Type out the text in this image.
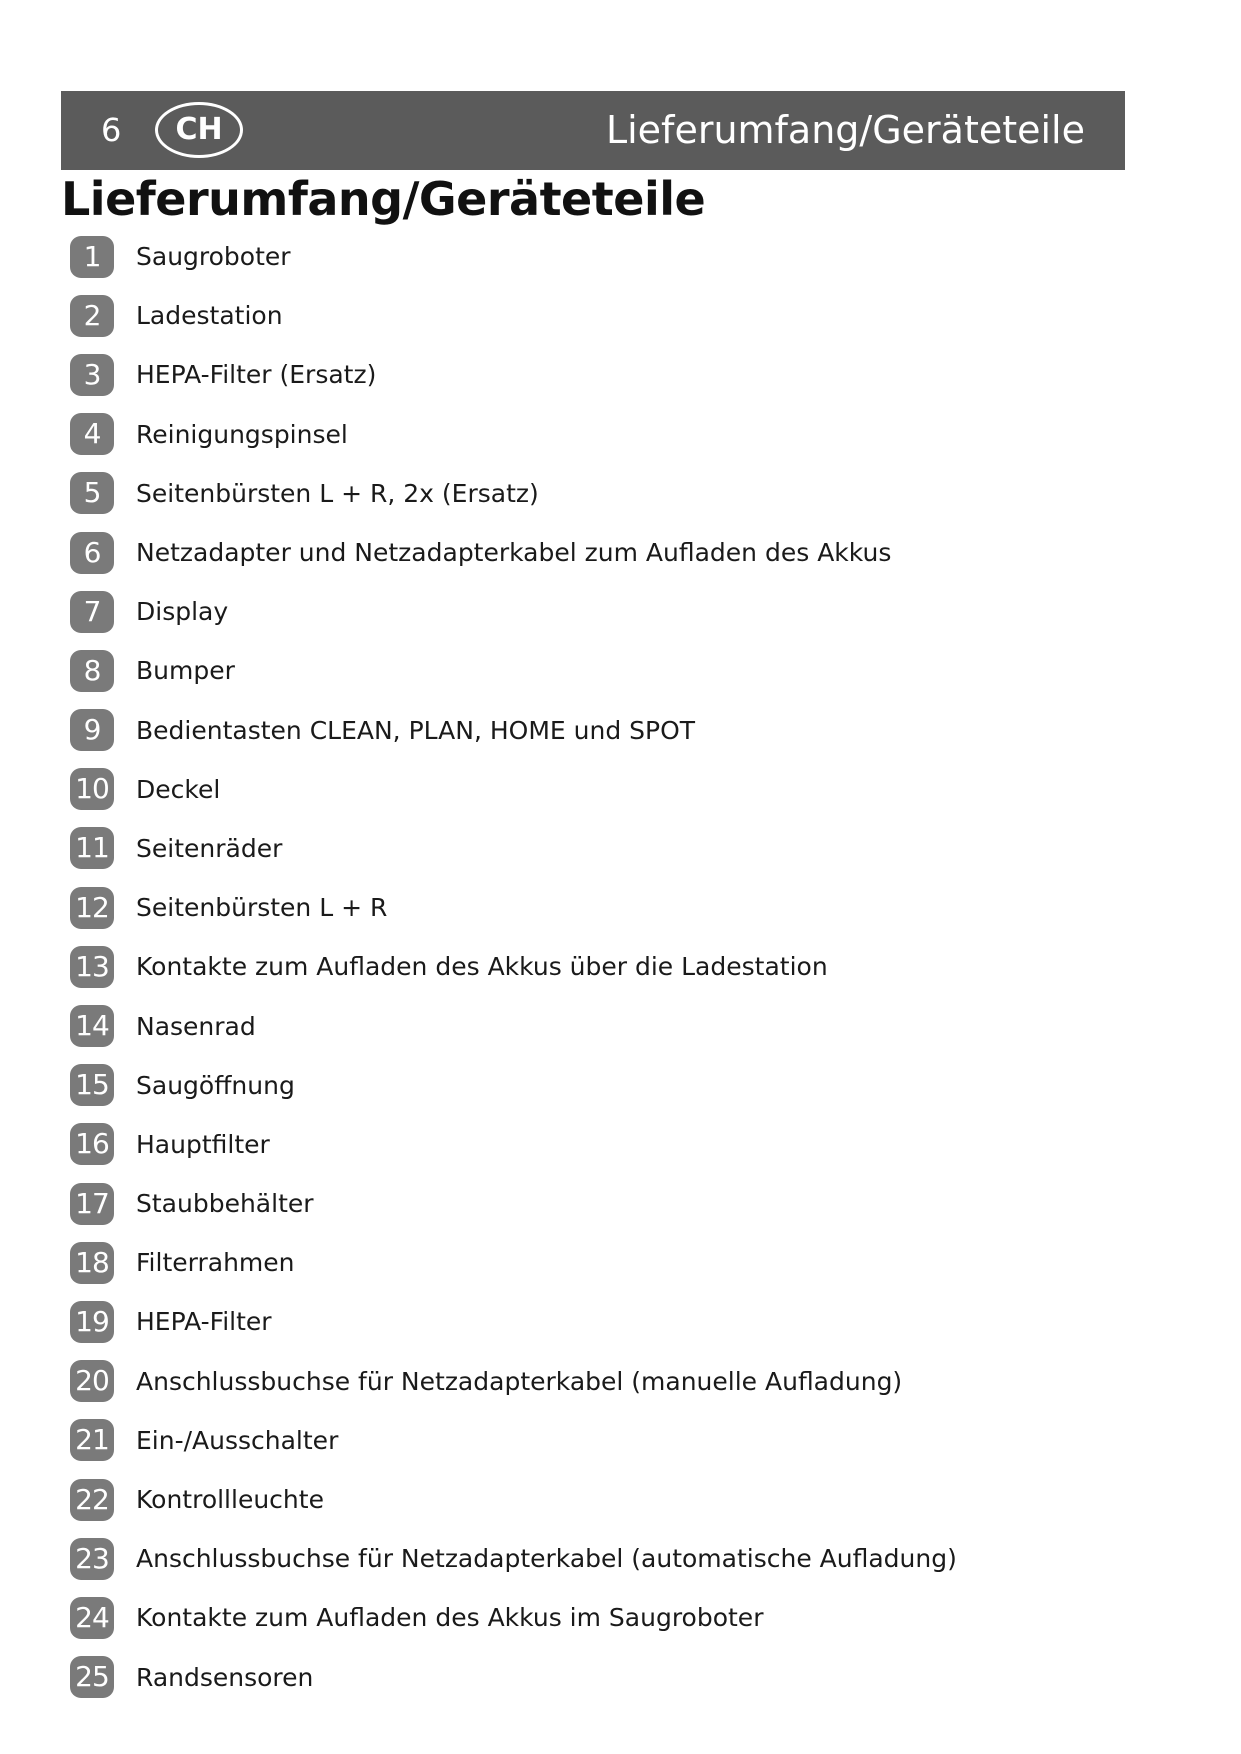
6	CH	Lieferumfang/Geräteteile
Lieferumfang/Geräteteile
1	Saugroboter
2	Ladestation
3	HEPA-Filter (Ersatz)
4	Reinigungspinsel
5	Seitenbürsten L + R, 2x (Ersatz)
6	Netzadapter und Netzadapterkabel zum Aufladen des Akkus
7	Display
8	Bumper
9	Bedientasten CLEAN, PLAN, HOME und SPOT
10 Deckel
11 Seitenräder
12 Seitenbürsten L + R
13 Kontakte zum Aufladen des Akkus über die Ladestation
14 Nasenrad
15 Saugöffnung
16 Hauptfilter
17 Staubbehälter
18 Filterrahmen
19 HEPA-Filter
20 Anschlussbuchse für Netzadapterkabel (manuelle Aufladung)
21 Ein-/Ausschalter
22 Kontrollleuchte
23 Anschlussbuchse für Netzadapterkabel (automatische Aufladung)
24 Kontakte zum Aufladen des Akkus im Saugroboter
25 Randsensoren
